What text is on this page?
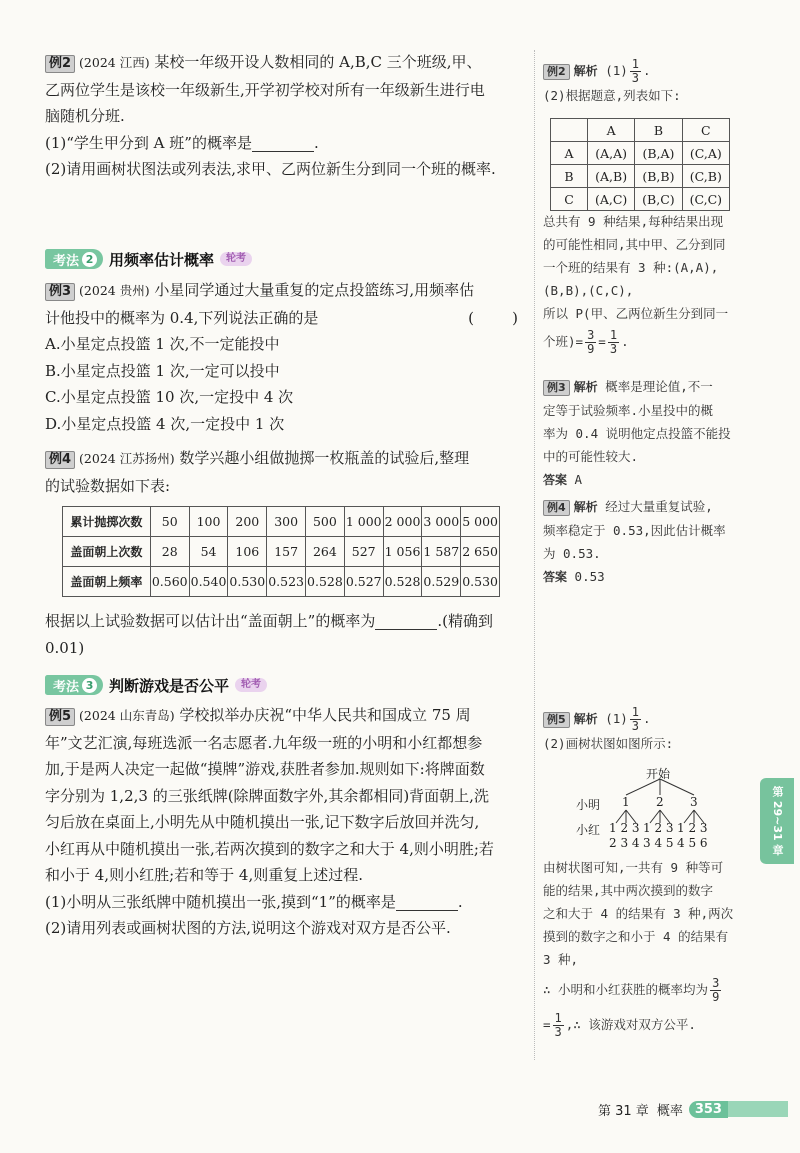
例2 (2024 江西) 某校一年级开设人数相同的 A,B,C 三个班级,甲、
乙两位学生是该校一年级新生,开学初学校对所有一年级新生进行电
脑随机分班.
(1)“学生甲分到 A 班”的概率是	.
(2)请用画树状图法或列表法,求甲、乙两位新生分到同一个班的概率.
考法 2 用频率估计概率	轮考
例3 (2024 贵州) 小星同学通过大量重复的定点投篮练习,用频率估
计他投中的概率为 0.4,下列说法正确的是	(        )
A.小星定点投篮 1 次,不一定能投中
B.小星定点投篮 1 次,一定可以投中
C.小星定点投篮 10 次,一定投中 4 次
D.小星定点投篮 4 次,一定投中 1 次
例4 (2024 江苏扬州) 数学兴趣小组做抛掷一枚瓶盖的试验后,整理
的试验数据如下表:
累计抛掷次数	50	100	200	300	500	1 000	2 000	3 000	5 000
盖面朝上次数	28	54	106	157	264	527	1 056	1 587	2 650
盖面朝上频率	0.560	0.540	0.530	0.523	0.528	0.527	0.528	0.529	0.530
根据以上试验数据可以估计出“盖面朝上”的概率为	.(精确到
0.01)
考法 3 判断游戏是否公平	轮考
例5 (2024 山东青岛) 学校拟举办庆祝“中华人民共和国成立 75 周
年”文艺汇演,每班选派一名志愿者.九年级一班的小明和小红都想参
加,于是两人决定一起做“摸牌”游戏,获胜者参加.规则如下:将牌面数
字分别为 1,2,3 的三张纸牌(除牌面数字外,其余都相同)背面朝上,洗
匀后放在桌面上,小明先从中随机摸出一张,记下数字后放回并洗匀,
小红再从中随机摸出一张,若两次摸到的数字之和大于 4,则小明胜;若
和小于 4,则小红胜;若和等于 4,则重复上述过程.
(1)小明从三张纸牌中随机摸出一张,摸到“1”的概率是	.
(2)请用列表或画树状图的方法,说明这个游戏对双方是否公平.
例2 解析 $(1) \frac{1}{3}$ .
(2)根据题意,列表如下:
	A	B	C
A	(A,A)	(B,A)	(C,A)
B	(A,B)	(B,B)	(C,B)
C	(A,C)	(B,C)	(C,C)
总共有 9 种结果,每种结果出现
的可能性相同,其中甲、乙分到同
一个班的结果有 3 种:(A,A),
(B,B),(C,C),
所以 P(甲、乙两位新生分到同一
个班)= $\frac{3}{9} = \frac{1}{3}$ .
例3 解析 概率是理论值,不一
定等于试验频率.小星投中的概
率为 0.4 说明他定点投篮不能投
中的可能性较大.
答案 A
例4 解析 经过大量重复试验,
频率稳定于 0.53,因此估计概率
为 0.53.
答案 0.53
例5 解析 $(1) \frac{1}{3}$ .
(2)画树状图如图所示:
开始
小明 1 2 3
小红 1 2 3 1 2 3 1 2 3
2 3 4 3 4 5 4 5 6
由树状图可知,一共有 9 种等可
能的结果,其中两次摸到的数字
之和大于 4 的结果有 3 种,两次
摸到的数字之和小于 4 的结果有
3 种,
∴ 小明和小红获胜的概率均为 $\frac{3}{9}$
= $\frac{1}{3}$ ,∴ 该游戏对双方公平.
第 29~31 章
第 31 章 概率 353
